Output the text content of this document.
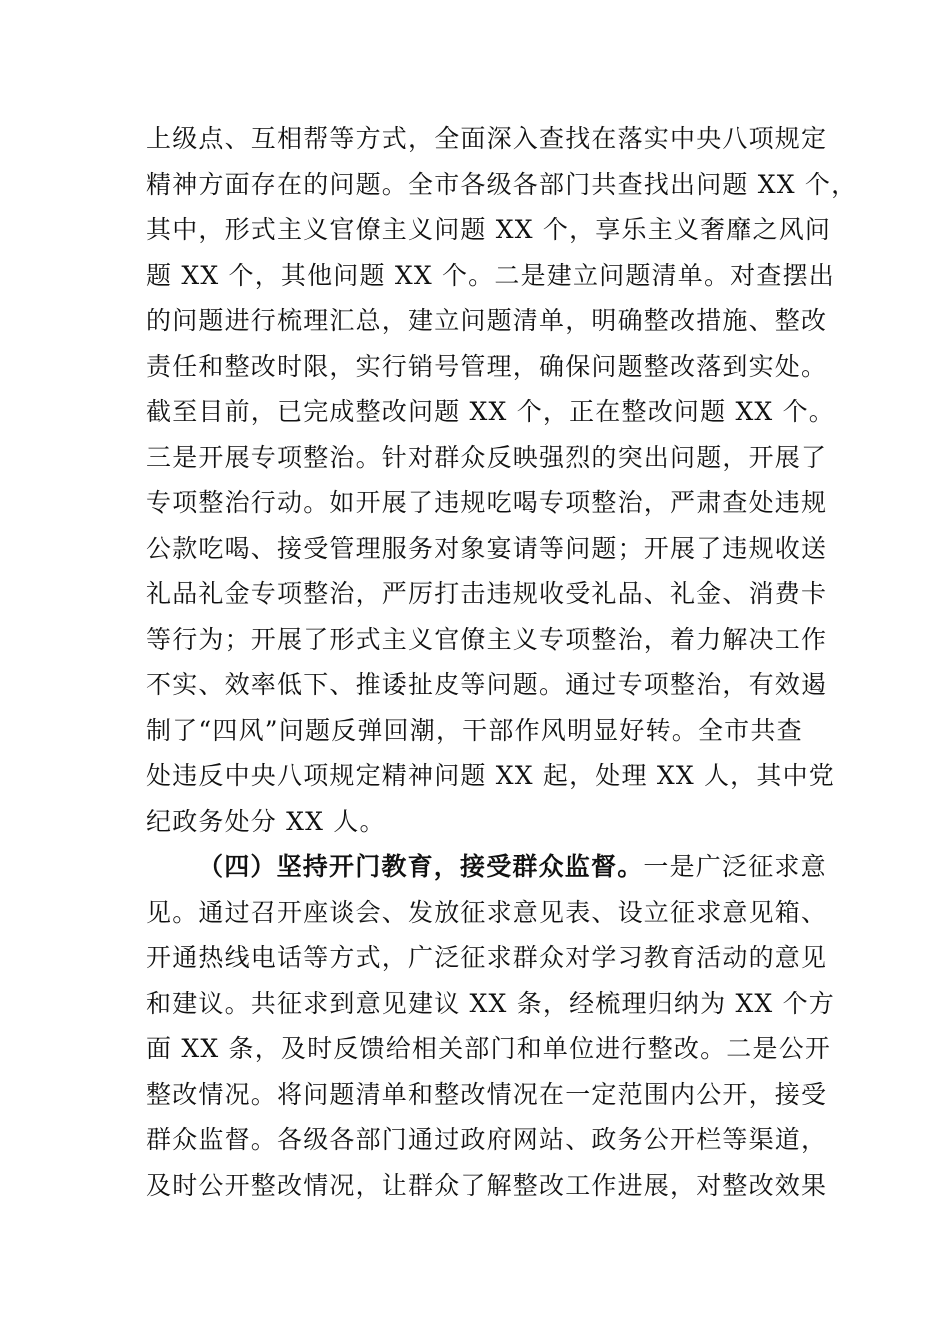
上级点、互相帮等方式，全面深入查找在落实中央八项规定
精神方面存在的问题。全市各级各部门共查找出问题 XX 个，
其中，形式主义官僚主义问题 XX 个，享乐主义奢靡之风问
题 XX 个，其他问题 XX 个。二是建立问题清单。对查摆出
的问题进行梳理汇总，建立问题清单，明确整改措施、整改
责任和整改时限，实行销号管理，确保问题整改落到实处。
截至目前，已完成整改问题 XX 个，正在整改问题 XX 个。
三是开展专项整治。针对群众反映强烈的突出问题，开展了
专项整治行动。如开展了违规吃喝专项整治，严肃查处违规
公款吃喝、接受管理服务对象宴请等问题；开展了违规收送
礼品礼金专项整治，严厉打击违规收受礼品、礼金、消费卡
等行为；开展了形式主义官僚主义专项整治，着力解决工作
不实、效率低下、推诿扯皮等问题。通过专项整治，有效遏
制了“四风”问题反弹回潮，干部作风明显好转。全市共查
处违反中央八项规定精神问题 XX 起，处理 XX 人，其中党
纪政务处分 XX 人。
（四）坚持开门教育，接受群众监督。一是广泛征求意
见。通过召开座谈会、发放征求意见表、设立征求意见箱、
开通热线电话等方式，广泛征求群众对学习教育活动的意见
和建议。共征求到意见建议 XX 条，经梳理归纳为 XX 个方
面 XX 条，及时反馈给相关部门和单位进行整改。二是公开
整改情况。将问题清单和整改情况在一定范围内公开，接受
群众监督。各级各部门通过政府网站、政务公开栏等渠道，
及时公开整改情况，让群众了解整改工作进展，对整改效果
